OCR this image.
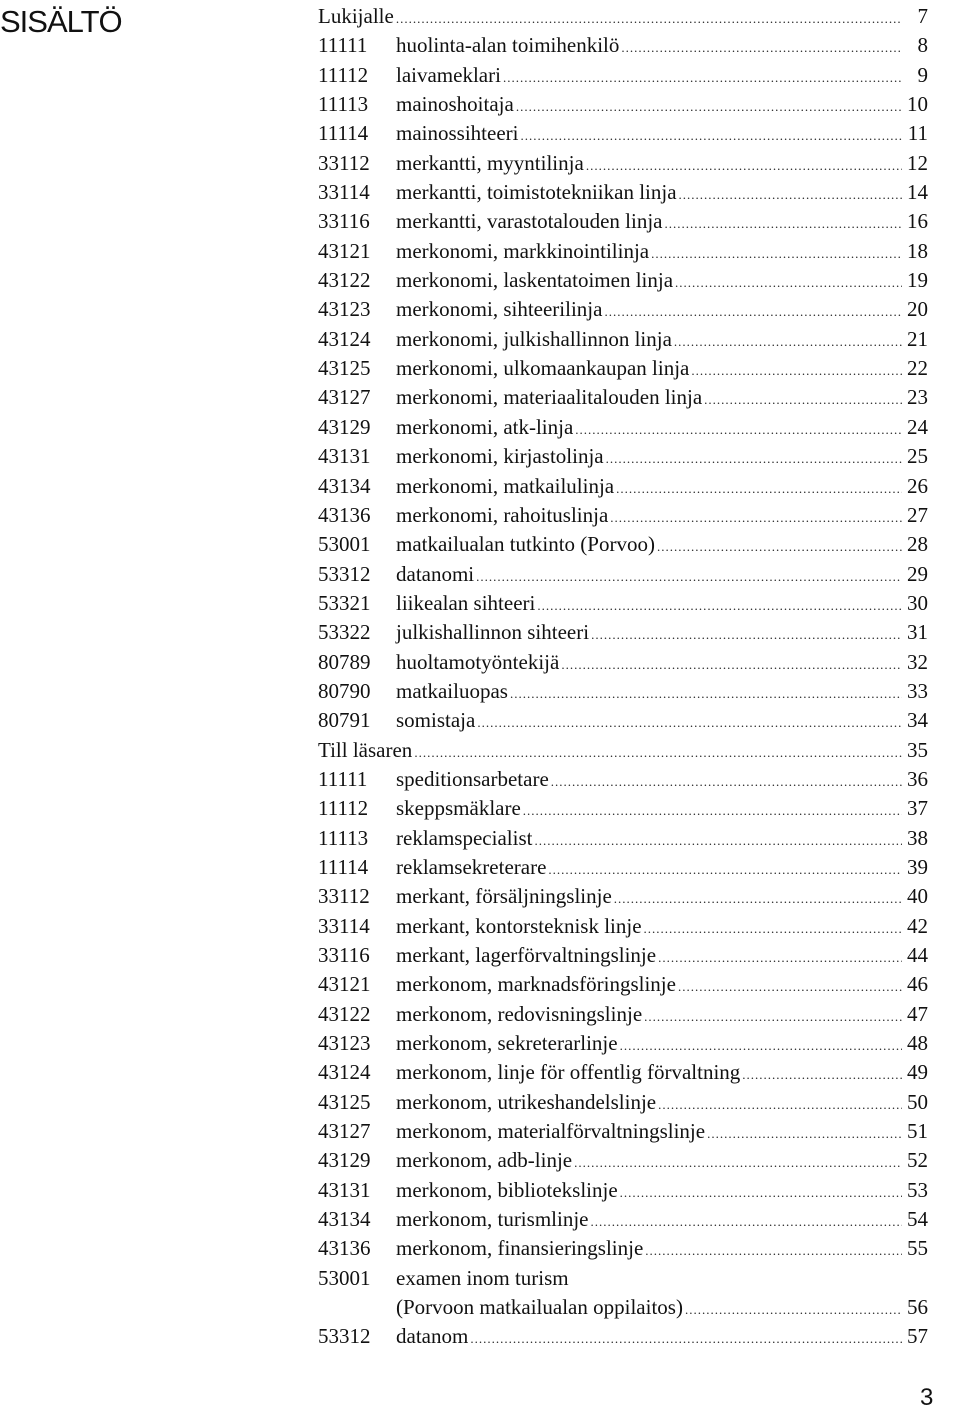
SISÄLTÖ	Lukijalle .....	7
11111	huolinta-alan toimihenkilö .....	8
11112	laivameklari .....	9
11113	mainoshoitaja .....	10
11114	mainossihteeri .....	11
33112	merkantti, myyntilinja .....	12
33114	merkantti, toimistotekniikan linja .....	14
33116	merkantti, varastotalouden linja .....	16
43121	merkonomi, markkinointilinja .....	18
43122	merkonomi, laskentatoimen linja .....	19
43123	merkonomi, sihteerilinja .....	20
43124	merkonomi, julkishallinnon linja .....	21
43125	merkonomi, ulkomaankaupan linja .....	22
43127	merkonomi, materiaalitalouden linja .....	23
43129	merkonomi, atk-linja .....	24
43131	merkonomi, kirjastolinja .....	25
43134	merkonomi, matkailulinja .....	26
43136	merkonomi, rahoituslinja .....	27
53001	matkailualan tutkinto (Porvoo) .....	28
53312	datanomi .....	29
53321	liikealan sihteeri .....	30
53322	julkishallinnon sihteeri .....	31
80789	huoltamotyöntekijä .....	32
80790	matkailuopas .....	33
80791	somistaja .....	34
Till läsaren .....	35
11111	speditionsarbetare .....	36
11112	skeppsmäklare .....	37
11113	reklamspecialist .....	38
11114	reklamsekreterare .....	39
33112	merkant, försäljningslinje .....	40
33114	merkant, kontorsteknisk linje .....	42
33116	merkant, lagerförvaltningslinje .....	44
43121	merkonom, marknadsföringslinje .....	46
43122	merkonom, redovisningslinje .....	47
43123	merkonom, sekreterarlinje .....	48
43124	merkonom, linje för offentlig förvaltning .....	49
43125	merkonom, utrikeshandelslinje .....	50
43127	merkonom, materialförvaltningslinje .....	51
43129	merkonom, adb-linje .....	52
43131	merkonom, bibliotekslinje .....	53
43134	merkonom, turismlinje .....	54
43136	merkonom, finansieringslinje .....	55
53001	examen inom turism
(Porvoon matkailualan oppilaitos) .....	56
53312	datanom .....	57
3
